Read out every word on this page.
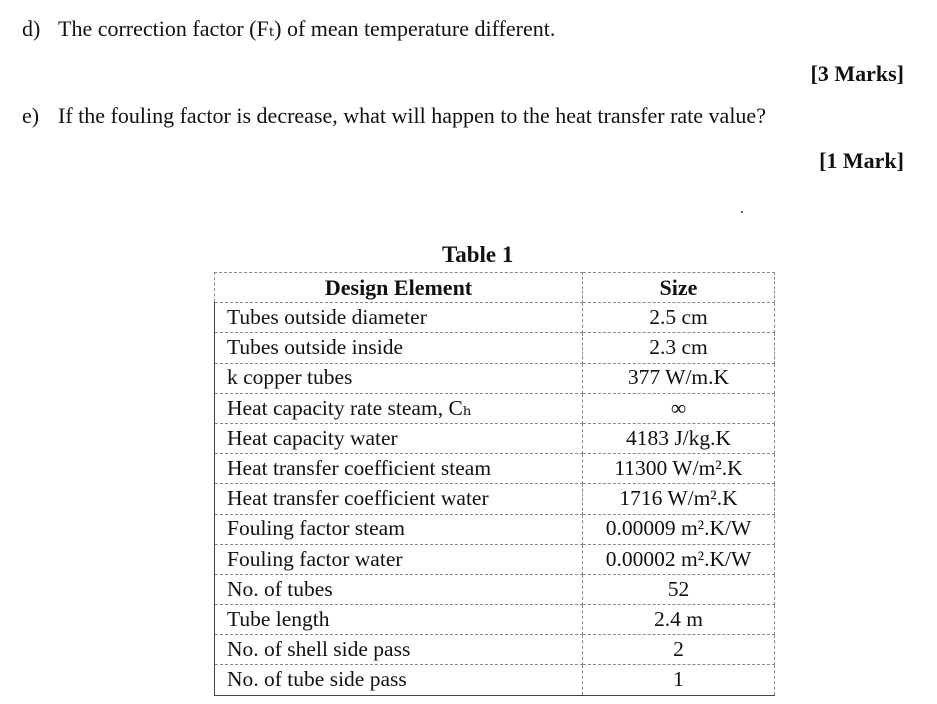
d) The correction factor (Fₜ) of mean temperature different.
[3 Marks]
e) If the fouling factor is decrease, what will happen to the heat transfer rate value?
[1 Mark]
Table 1
Design Element	Size
Tubes outside diameter	2.5 cm
Tubes outside inside	2.3 cm
k copper tubes	377 W/m.K
Heat capacity rate steam, Cₕ	∞
Heat capacity water	4183 J/kg.K
Heat transfer coefficient steam	11300 W/m².K
Heat transfer coefficient water	1716 W/m².K
Fouling factor steam	0.00009 m².K/W
Fouling factor water	0.00002 m².K/W
No. of tubes	52
Tube length	2.4 m
No. of shell side pass	2
No. of tube side pass	1
